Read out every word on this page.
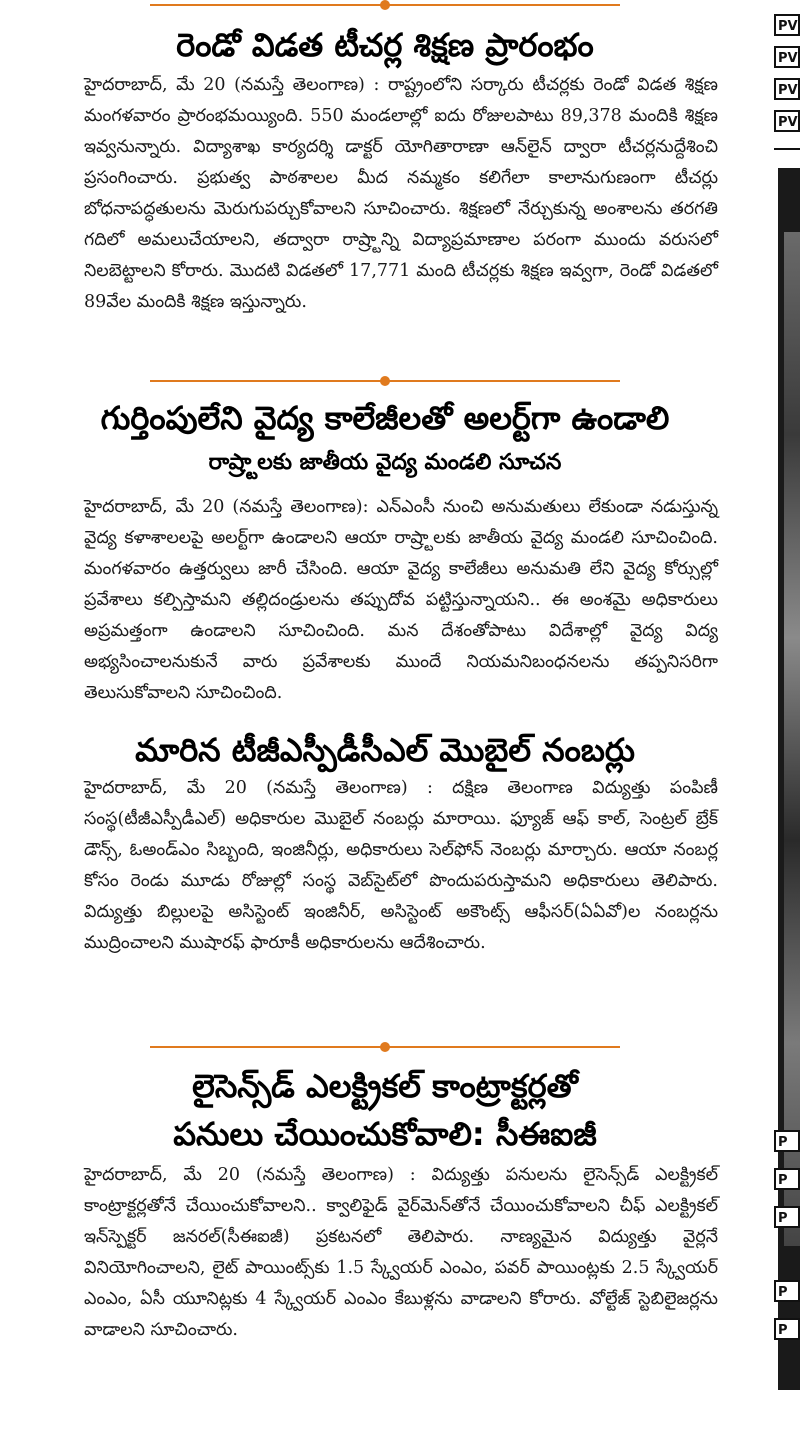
రెండో విడత టీచర్ల శిక్షణ ప్రారంభం

హైదరాబాద్‌, మే 20 (నమస్తే తెలంగాణ) : రాష్ట్రంలోని సర్కారు టీచర్లకు రెండో విడత శిక్షణ మంగళవారం ప్రారంభమయ్యింది. 550 మండలాల్లో ఐదు రోజులపాటు 89,378 మందికి శిక్షణ ఇవ్వనున్నారు. విద్యాశాఖ కార్యదర్శి డాక్టర్‌ యోగితారాణా ఆన్‌లైన్‌ ద్వారా టీచర్లనుద్దేశించి ప్రసంగించారు. ప్రభుత్వ పాఠశాలల మీద నమ్మకం కలిగేలా కాలానుగుణంగా టీచర్లు బోధనాపద్ధతులను మెరుగుపర్చుకోవాలని సూచించారు. శిక్షణలో నేర్చుకున్న అంశాలను తరగతి గదిలో అమలుచేయాలని, తద్వారా రాష్ర్టాన్ని విద్యాప్రమాణాల పరంగా ముందు వరుసలో నిలబెట్టాలని కోరారు. మొదటి విడతలో 17,771 మంది టీచర్లకు శిక్షణ ఇవ్వగా, రెండో విడతలో 89వేల మందికి శిక్షణ ఇస్తున్నారు.

గుర్తింపులేని వైద్య కాలేజీలతో అలర్ట్‌గా ఉండాలి
రాష్ర్టాలకు జాతీయ వైద్య మండలి సూచన

హైదరాబాద్‌, మే 20 (నమస్తే తెలంగాణ): ఎన్‌ఎంసీ నుంచి అనుమతులు లేకుండా నడుస్తున్న వైద్య కళాశాలలపై అలర్ట్‌గా ఉండాలని ఆయా రాష్ర్టాలకు జాతీయ వైద్య మండలి సూచించింది. మంగళవారం ఉత్తర్వులు జారీ చేసింది. ఆయా వైద్య కాలేజీలు అనుమతి లేని వైద్య కోర్సుల్లో ప్రవేశాలు కల్పిస్తామని తల్లిదండ్రులను తప్పుదోవ పట్టిస్తున్నాయని.. ఈ అంశమై అధికారులు అప్రమత్తంగా ఉండాలని సూచించింది. మన దేశంతోపాటు విదేశాల్లో వైద్య విద్య అభ్యసించాలనుకునే వారు ప్రవేశాలకు ముందే నియమనిబంధనలను తప్పనిసరిగా తెలుసుకోవాలని సూచించింది.

మారిన టీజీఎస్పీడీసీఎల్‌ మొబైల్‌ నంబర్లు

హైదరాబాద్‌, మే 20 (నమస్తే తెలంగాణ) : దక్షిణ తెలంగాణ విద్యుత్తు పంపిణీ సంస్థ(టీజీఎస్పీడీఎల్‌) అధికారుల మొబైల్‌ నంబర్లు మారాయి. ఫ్యూజ్‌ ఆఫ్‌ కాల్‌, సెంట్రల్‌ బ్రేక్‌ డౌన్స్‌, ఓఅండ్‌ఎం సిబ్బంది, ఇంజినీర్లు, అధికారులు సెల్‌ఫోన్‌ నెంబర్లు మార్చారు. ఆయా నంబర్ల కోసం రెండు మూడు రోజుల్లో సంస్థ వెబ్‌సైట్‌లో పొందుపరుస్తామని అధికారులు తెలిపారు. విద్యుత్తు బిల్లులపై అసిస్టెంట్‌ ఇంజినీర్‌, అసిస్టెంట్‌ అకౌంట్స్‌ ఆఫీసర్‌(ఏఏవో)ల నంబర్లను ముద్రించాలని ముషారఫ్‌ ఫారూకీ అధికారులను ఆదేశించారు.

లైసెన్స్‌డ్‌ ఎలక్ట్రికల్‌ కాంట్రాక్టర్లతో
పనులు చేయించుకోవాలి: సీఈఐజీ

హైదరాబాద్‌, మే 20 (నమస్తే తెలంగాణ) : విద్యుత్తు పనులను లైసెన్స్‌డ్‌ ఎలక్ట్రికల్‌ కాంట్రాక్టర్లతోనే చేయించుకోవాలని.. క్వాలిఫైడ్‌ వైర్‌మెన్‌తోనే చేయించుకోవాలని చీఫ్‌ ఎలక్ట్రికల్‌ ఇన్‌స్పెక్టర్‌ జనరల్‌(సీఈఐజీ) ప్రకటనలో తెలిపారు. నాణ్యమైన విద్యుత్తు వైర్లనే వినియోగించాలని, లైట్‌ పాయింట్స్‌కు 1.5 స్క్వేయర్‌ ఎంఎం, పవర్‌ పాయింట్లకు 2.5 స్క్వేయర్‌ ఎంఎం, ఏసీ యూనిట్లకు 4 స్క్వేయర్‌ ఎంఎం కేబుళ్లను వాడాలని కోరారు. వోల్టేజ్‌ స్టెబిలైజర్లను వాడాలని సూచించారు.

PV
PV
PV
PV
P
P
P
P
P
